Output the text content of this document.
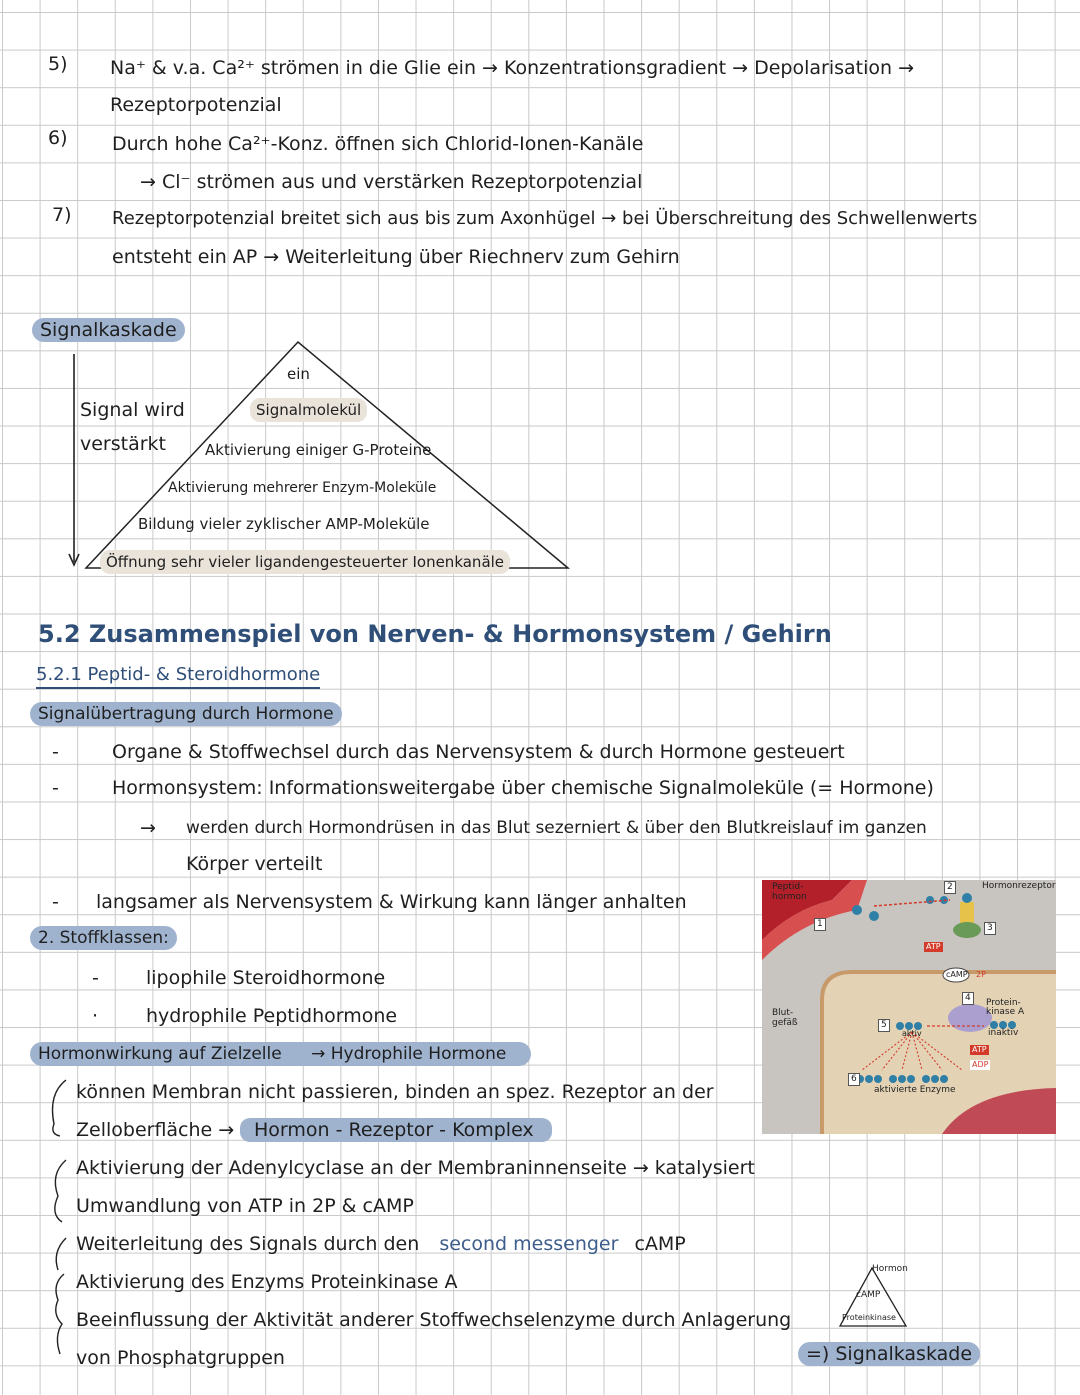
5) Na⁺ & v.a. Ca²⁺ strömen in die Glie ein → Konzentrationsgradient → Depolarisation →
Rezeptorpotenzial
6) Durch hohe Ca²⁺-Konz. öffnen sich Chlorid-Ionen-Kanäle
→ Cl⁻ strömen aus und verstärken Rezeptorpotenzial
7) Rezeptorpotenzial breitet sich aus bis zum Axonhügel → bei Überschreitung des Schwellenwerts
entsteht ein AP → Weiterleitung über Riechnerv zum Gehirn
Signalkaskade
Signal wird
verstärkt
ein
Signalmolekül
Aktivierung einiger G-Proteine
Aktivierung mehrerer Enzym-Moleküle
Bildung vieler zyklischer AMP-Moleküle
Öffnung sehr vieler ligandengesteuerter Ionenkanäle
5.2 Zusammenspiel von Nerven- & Hormonsystem / Gehirn
5.2.1 Peptid- & Steroidhormone
Signalübertragung durch Hormone
-	Organe & Stoffwechsel durch das Nervensystem & durch Hormone gesteuert
-	Hormonsystem: Informationsweitergabe über chemische Signalmoleküle (= Hormone)
→ werden durch Hormondrüsen in das Blut sezerniert & über den Blutkreislauf im ganzen
Körper verteilt
- langsamer als Nervensystem & Wirkung kann länger anhalten
2. Stoffklassen:
- lipophile Steroidhormone
·	hydrophile Peptidhormone
Hormonwirkung auf Zielzelle → Hydrophile Hormone
können Membran nicht passieren, binden an spez. Rezeptor an der
Zelloberfläche →	Hormon - Rezeptor - Komplex
Aktivierung der Adenylcyclase an der Membraninnenseite → katalysiert
Umwandlung von ATP in 2P & cAMP
Weiterleitung des Signals durch den second messenger cAMP
Aktivierung des Enzyms Proteinkinase A
Beeinflussung der Aktivität anderer Stoffwechselenzyme durch Anlagerung
von Phosphatgruppen
Peptid-
hormon
Hormonrezeptor
Blut-
gefäß
ATP
cAMP 2P
Protein-
kinase A
inaktiv
aktiv
ATP
ADP
aktivierte Enzyme
1
2
3
4
5
6
Hormon
cAMP
Proteinkinase
=) Signalkaskade
